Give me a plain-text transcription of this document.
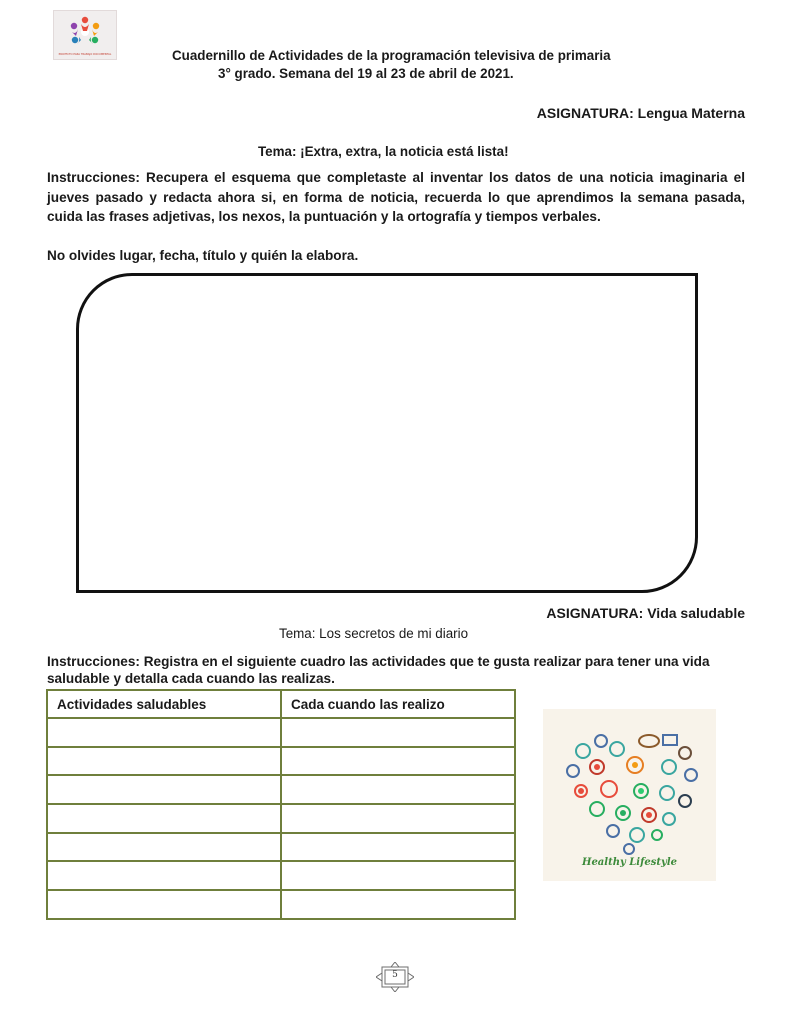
PROYECTO PARA TRABAJO DOCUMENTAL	Cuadernillo de Actividades de la programación televisiva de primaria
3° grado. Semana del 19 al 23 de abril de 2021.
ASIGNATURA: Lengua Materna
Tema: ¡Extra, extra, la noticia está lista!
Instrucciones: Recupera el esquema que completaste al inventar los datos de una noticia imaginaria el jueves pasado y redacta ahora si, en forma de noticia, recuerda lo que aprendimos la semana pasada, cuida las frases adjetivas, los nexos, la puntuación y la ortografía y tiempos verbales.
No olvides lugar, fecha, título y quién la elabora.
ASIGNATURA: Vida saludable
Tema: Los secretos de mi diario
Instrucciones: Registra en el siguiente cuadro las actividades que te gusta realizar para tener una vida saludable y detalla cada cuando las realizas.
Actividades saludables	Cada cuando las realizo

Healthy Lifestyle
5
